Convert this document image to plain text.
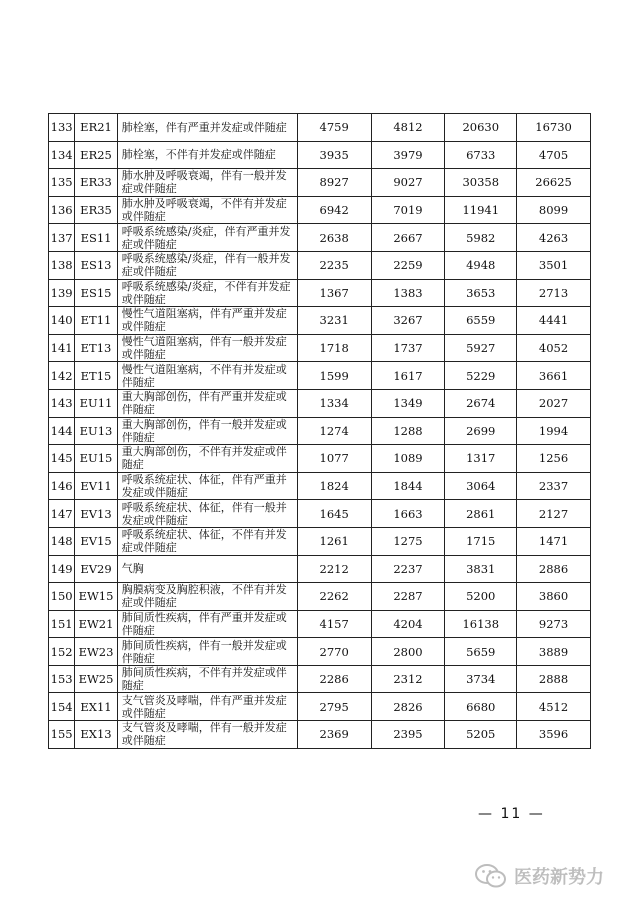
133	ER21	肺栓塞，伴有严重并发症或伴随症	4759	4812	20630	16730
134	ER25	肺栓塞，不伴有并发症或伴随症	3935	3979	6733	4705
135	ER33	肺水肿及呼吸衰竭，伴有一般并发症或伴随症	8927	9027	30358	26625
136	ER35	肺水肿及呼吸衰竭，不伴有并发症或伴随症	6942	7019	11941	8099
137	ES11	呼吸系统感染/炎症，伴有严重并发症或伴随症	2638	2667	5982	4263
138	ES13	呼吸系统感染/炎症，伴有一般并发症或伴随症	2235	2259	4948	3501
139	ES15	呼吸系统感染/炎症，不伴有并发症或伴随症	1367	1383	3653	2713
140	ET11	慢性气道阻塞病，伴有严重并发症或伴随症	3231	3267	6559	4441
141	ET13	慢性气道阻塞病，伴有一般并发症或伴随症	1718	1737	5927	4052
142	ET15	慢性气道阻塞病，不伴有并发症或伴随症	1599	1617	5229	3661
143	EU11	重大胸部创伤，伴有严重并发症或伴随症	1334	1349	2674	2027
144	EU13	重大胸部创伤，伴有一般并发症或伴随症	1274	1288	2699	1994
145	EU15	重大胸部创伤，不伴有并发症或伴随症	1077	1089	1317	1256
146	EV11	呼吸系统症状、体征，伴有严重并发症或伴随症	1824	1844	3064	2337
147	EV13	呼吸系统症状、体征，伴有一般并发症或伴随症	1645	1663	2861	2127
148	EV15	呼吸系统症状、体征，不伴有并发症或伴随症	1261	1275	1715	1471
149	EV29	气胸	2212	2237	3831	2886
150	EW15	胸膜病变及胸腔积液，不伴有并发症或伴随症	2262	2287	5200	3860
151	EW21	肺间质性疾病，伴有严重并发症或伴随症	4157	4204	16138	9273
152	EW23	肺间质性疾病，伴有一般并发症或伴随症	2770	2800	5659	3889
153	EW25	肺间质性疾病，不伴有并发症或伴随症	2286	2312	3734	2888
154	EX11	支气管炎及哮喘，伴有严重并发症或伴随症	2795	2826	6680	4512
155	EX13	支气管炎及哮喘，伴有一般并发症或伴随症	2369	2395	5205	3596
— 11 —
医药新势力
